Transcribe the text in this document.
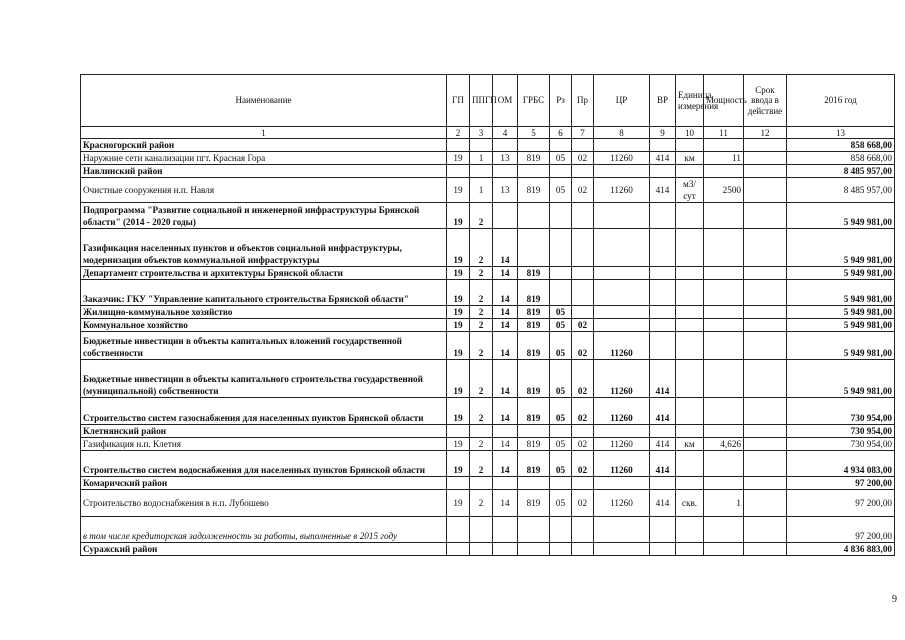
Наименование	ГП	ППГП	ОМ	ГРБС	Рз	Пр	ЦР	ВР	Единица измерения	Мощность	Срок ввода в действие	2016 год
1	2	3	4	5	6	7	8	9	10	11	12	13
Красногорский район												858 668,00
Наружние сети канализации пгт. Красная Гора	19	1	13	819	05	02	11260	414	км	11		858 668,00
Навлинский район												8 485 957,00
Очистные сооружения н.п. Навля	19	1	13	819	05	02	11260	414	м3/сут	2500		8 485 957,00
Подпрограмма "Развитие социальной и инженерной инфраструктуры Брянской области" (2014 - 2020 годы)	19	2										5 949 981,00
Газификация населенных пунктов и объектов социальной инфраструктуры, модернизация объектов коммунальной инфраструктуры	19	2	14									5 949 981,00
Департамент строительства и архитектуры Брянской области	19	2	14	819								5 949 981,00
Заказчик: ГКУ "Управление капитального строительства Брянской области"	19	2	14	819								5 949 981,00
Жилищно-коммунальное хозяйство	19	2	14	819	05							5 949 981,00
Коммунальное хозяйство	19	2	14	819	05	02						5 949 981,00
Бюджетные инвестиции в объекты капитальных вложений государственной собственности	19	2	14	819	05	02	11260					5 949 981,00
Бюджетные инвестиции в объекты капитального строительства государственной (муниципальной) собственности	19	2	14	819	05	02	11260	414				5 949 981,00
Строительство систем газоснабжения для населенных пунктов Брянской области	19	2	14	819	05	02	11260	414				730 954,00
Клетнянский район												730 954,00
Газификация н.п. Клетня	19	2	14	819	05	02	11260	414	км	4,626		730 954,00
Строительство систем водоснабжения для населенных пунктов Брянской области	19	2	14	819	05	02	11260	414				4 934 083,00
Комаричский район												97 200,00
Строительство водоснабжения в н.п. Лубошево	19	2	14	819	05	02	11260	414	скв.	1		97 200,00
в том числе кредиторская задолженность за работы, выполненные в 2015 году												97 200,00
Суражский район												4 836 883,00
9
